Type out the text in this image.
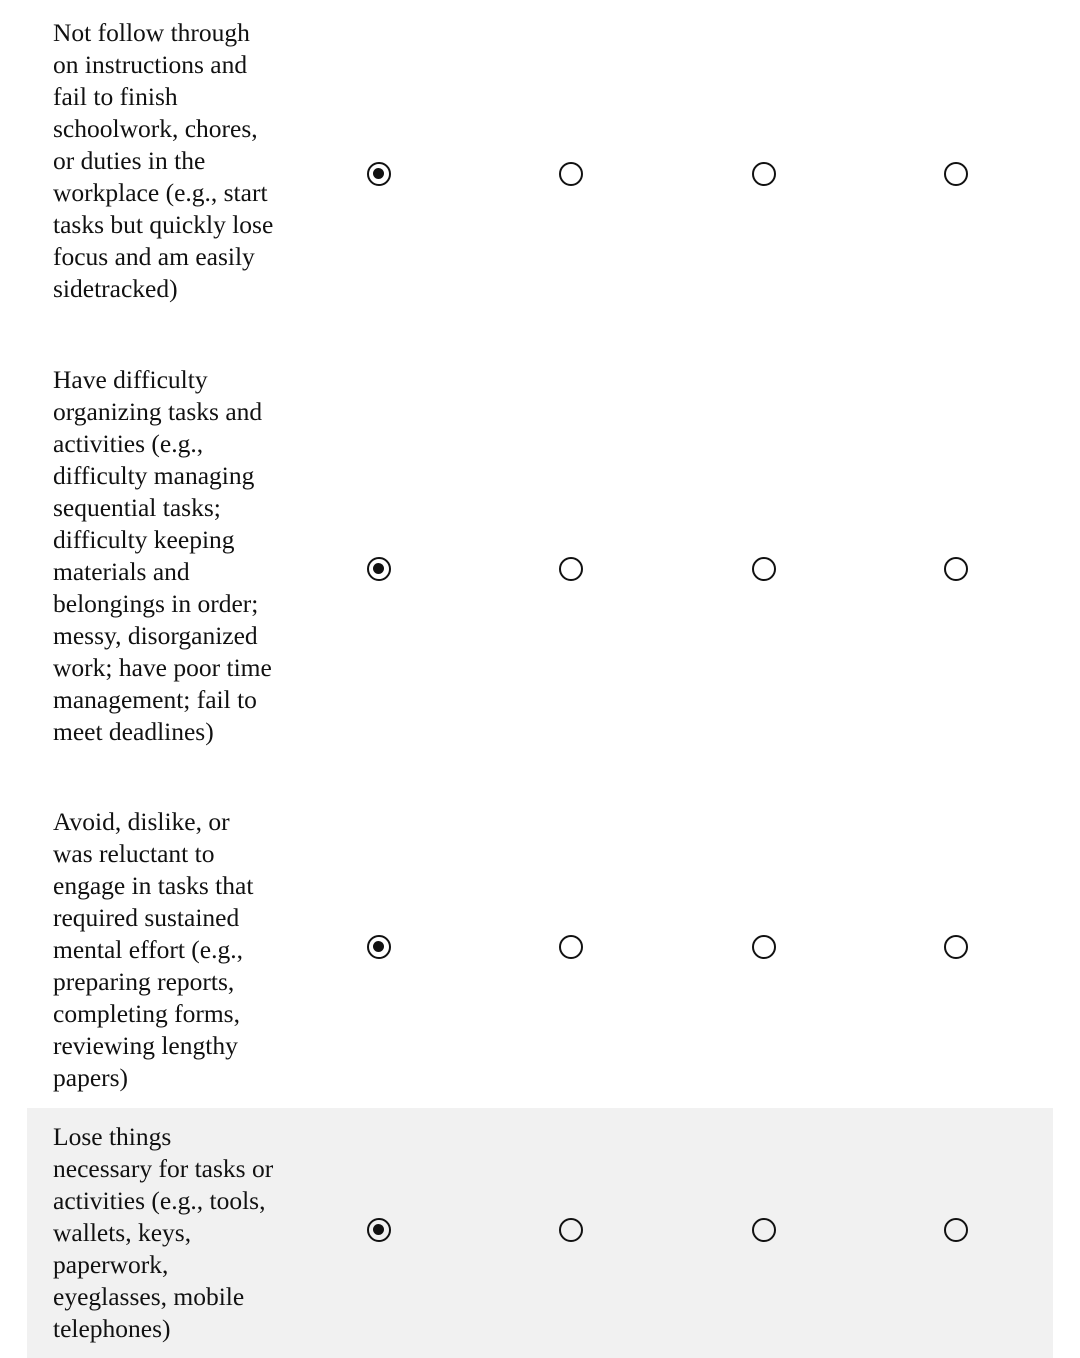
Not follow through on instructions and fail to finish schoolwork, chores, or duties in the workplace (e.g., start tasks but quickly lose focus and am easily sidetracked)
Have difficulty organizing tasks and activities (e.g., difficulty managing sequential tasks; difficulty keeping materials and belongings in order; messy, disorganized work; have poor time management; fail to meet deadlines)
Avoid, dislike, or was reluctant to engage in tasks that required sustained mental effort (e.g., preparing reports, completing forms, reviewing lengthy papers)
Lose things necessary for tasks or activities (e.g., tools, wallets, keys, paperwork, eyeglasses, mobile telephones)
